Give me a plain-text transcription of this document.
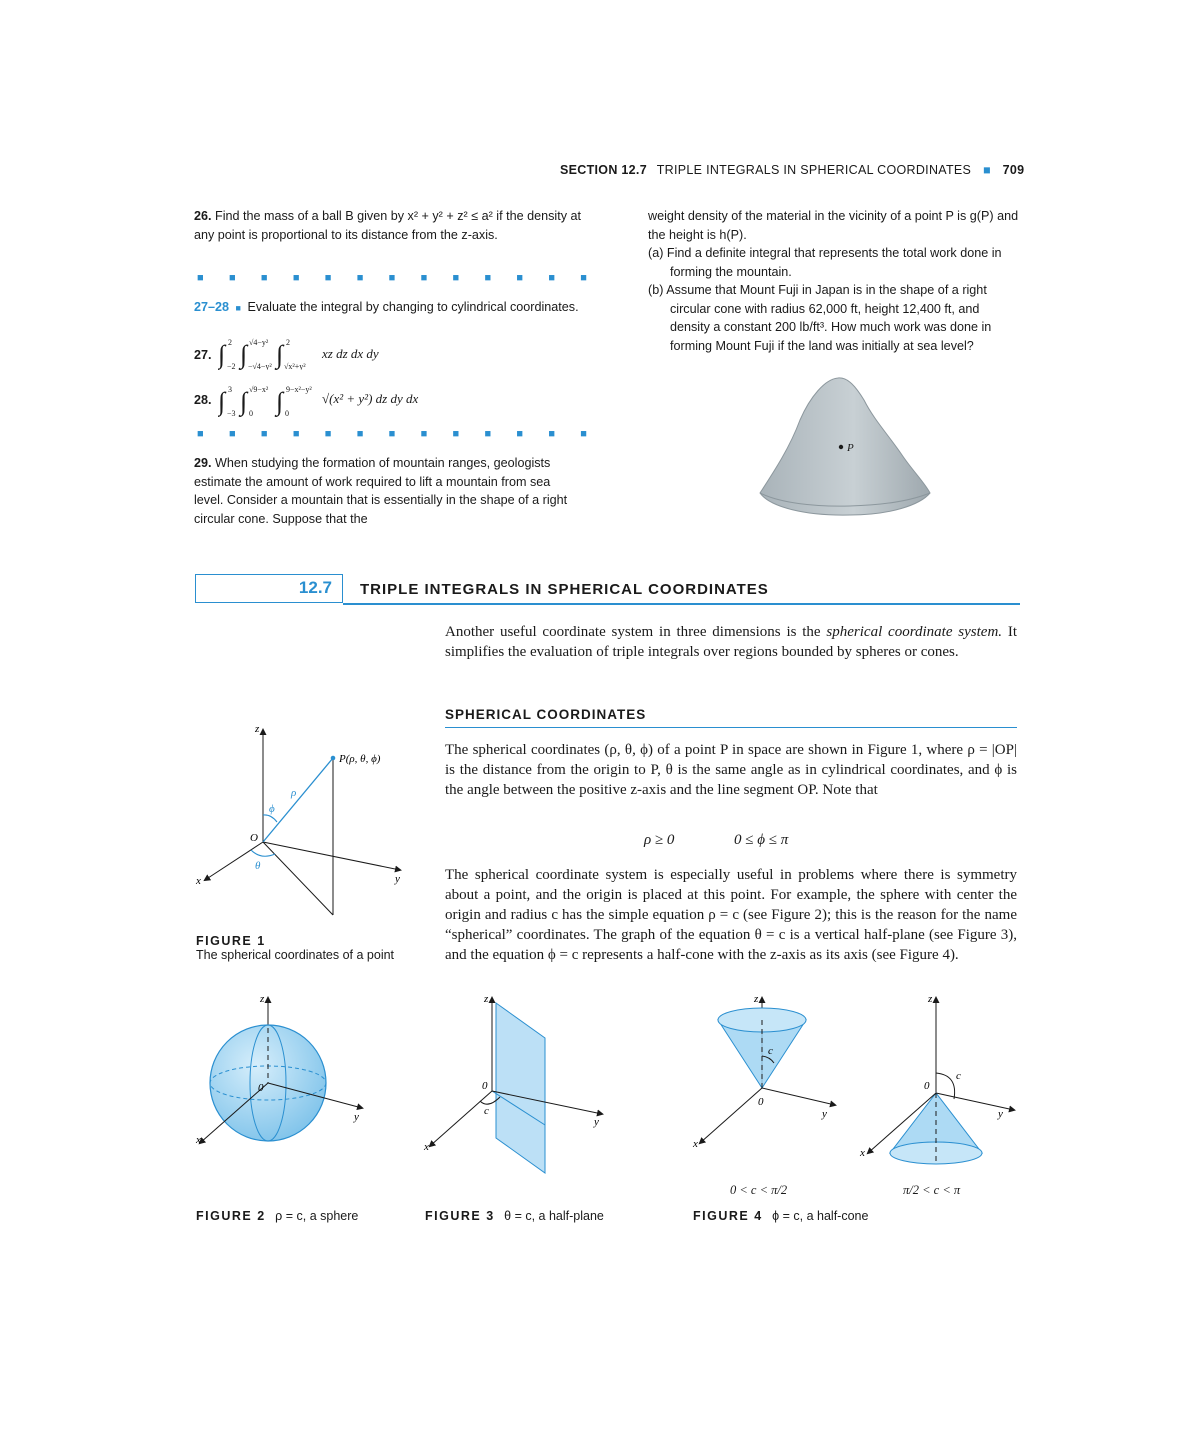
SECTION 12.7 TRIPLE INTEGRALS IN SPHERICAL COORDINATES ■ 709
26. Find the mass of a ball B given by x² + y² + z² ≤ a² if the density at any point is proportional to its distance from the z-axis.
■ ■ ■ ■ ■ ■ ■ ■ ■ ■ ■ ■ ■
27–28 ■ Evaluate the integral by changing to cylindrical coordinates.
27. ∫ 2
−2 ∫ √4−y²
−√4−y² ∫ 2
√x²+y²
xz dz dx dy
28. ∫ 3
−3 ∫ √9−x²
0 ∫ 9−x²−y²
0
√(x² + y²) dz dy dx
■ ■ ■ ■ ■ ■ ■ ■ ■ ■ ■ ■ ■
29. When studying the formation of mountain ranges, geologists estimate the amount of work required to lift a mountain from sea level. Consider a mountain that is essentially in the shape of a right circular cone. Suppose that the
weight density of the material in the vicinity of a point P is g(P) and the height is h(P).
(a) Find a definite integral that represents the total work done in forming the mountain.
(b) Assume that Mount Fuji in Japan is in the shape of a right circular cone with radius 62,000 ft, height 12,400 ft, and density a constant 200 lb/ft³. How much work was done in forming Mount Fuji if the land was initially at sea level?
P
12.7 TRIPLE INTEGRALS IN SPHERICAL COORDINATES
Another useful coordinate system in three dimensions is the spherical coordinate system. It simplifies the evaluation of triple integrals over regions bounded by spheres or cones.
SPHERICAL COORDINATES
The spherical coordinates (ρ, θ, ϕ) of a point P in space are shown in Figure 1, where ρ = |OP| is the distance from the origin to P, θ is the same angle as in cylindrical coordinates, and ϕ is the angle between the positive z-axis and the line segment OP. Note that
ρ ≥ 0	0 ≤ ϕ ≤ π
The spherical coordinate system is especially useful in problems where there is symmetry about a point, and the origin is placed at this point. For example, the sphere with center the origin and radius c has the simple equation ρ = c (see Figure 2); this is the reason for the name “spherical” coordinates. The graph of the equation θ = c is a vertical half-plane (see Figure 3), and the equation ϕ = c represents a half-cone with the z-axis as its axis (see Figure 4).
z
x	y
O
P(ρ, θ, ϕ)
ρ
ϕ
θ
FIGURE 1
The spherical coordinates of a point
z
x
y
0
FIGURE 2 ρ = c, a sphere
z
x
y
0
c
FIGURE 3 θ = c, a half-plane
z
x
y
0
c
0 < c < π/2
z
x
y
0
c
π/2 < c < π
FIGURE 4 ϕ = c, a half-cone
